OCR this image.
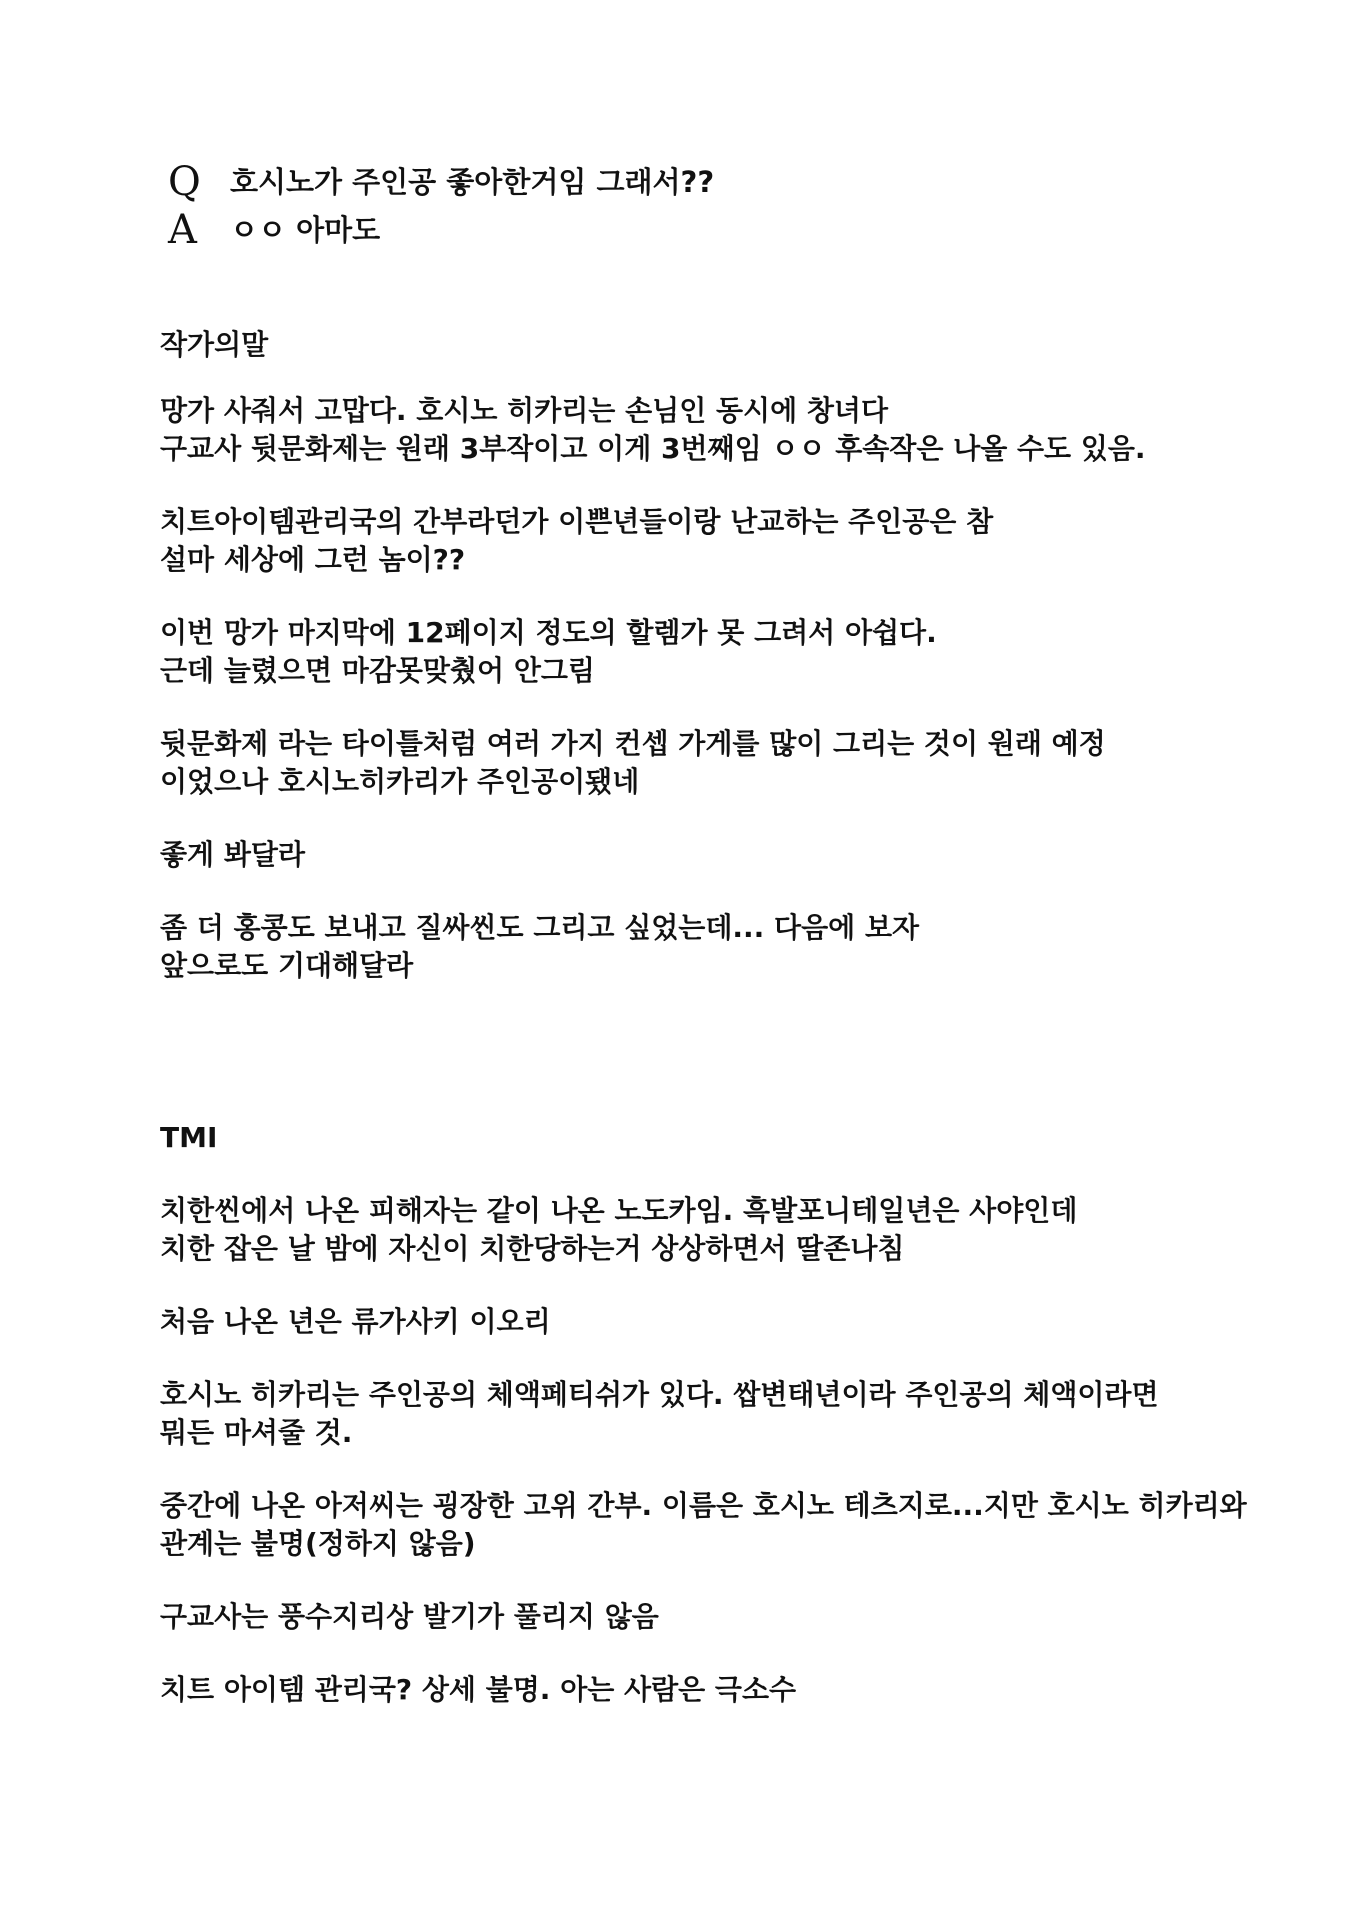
Q	호시노가 주인공 좋아한거임 그래서??
A	ㅇㅇ 아마도
작가의말
망가 사줘서 고맙다. 호시노 히카리는 손님인 동시에 창녀다
구교사 뒷문화제는 원래 3부작이고 이게 3번째임 ㅇㅇ 후속작은 나올 수도 있음.
치트아이템관리국의 간부라던가 이쁜년들이랑 난교하는 주인공은 참
설마 세상에 그런 놈이??
이번 망가 마지막에 12페이지 정도의 할렘가 못 그려서 아쉽다.
근데 늘렸으면 마감못맞췄어 안그림
뒷문화제 라는 타이틀처럼 여러 가지 컨셉 가게를 많이 그리는 것이 원래 예정
이었으나 호시노히카리가 주인공이됐네
좋게 봐달라
좀 더 홍콩도 보내고 질싸씬도 그리고 싶었는데... 다음에 보자
앞으로도 기대해달라
TMI
치한씬에서 나온 피해자는 같이 나온 노도카임. 흑발포니테일년은 사야인데
치한 잡은 날 밤에 자신이 치한당하는거 상상하면서 딸존나침
처음 나온 년은 류가사키 이오리
호시노 히카리는 주인공의 체액페티쉬가 있다. 쌉변태년이라 주인공의 체액이라면
뭐든 마셔줄 것.
중간에 나온 아저씨는 굉장한 고위 간부. 이름은 호시노 테츠지로...지만 호시노 히카리와
관계는 불명(정하지 않음)
구교사는 풍수지리상 발기가 풀리지 않음
치트 아이템 관리국? 상세 불명. 아는 사람은 극소수
